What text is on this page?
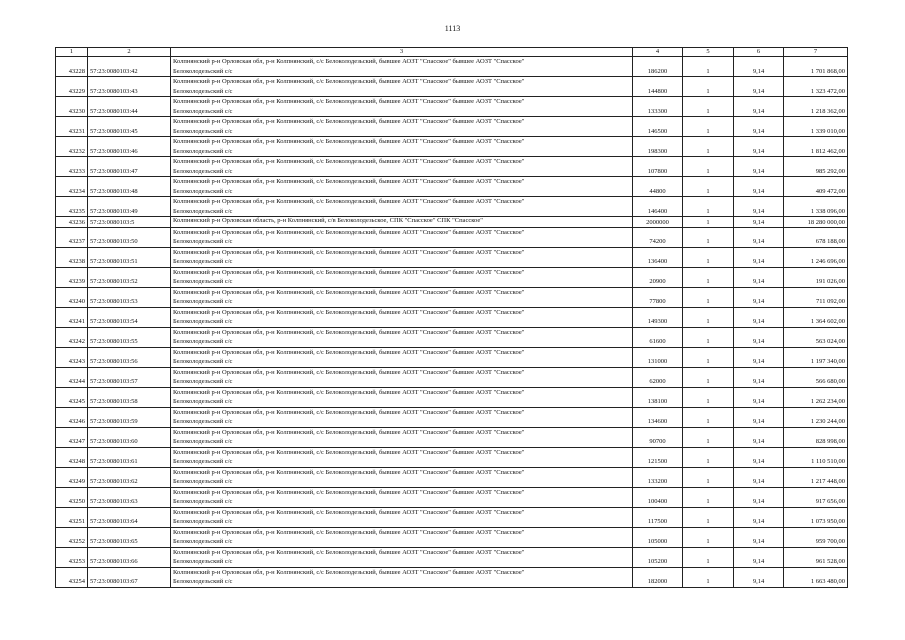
1113
1	2	3	4	5	6	7
43228	57:23:0080103:42	Колпнянский р-н Орловская обл, р-н Колпнянский, с/с Белоколодезьский, бывшее АОЗТ "Спасское" бывшее АОЗТ "Спасское"
Белоколодезьский с/с	186200	1	9,14	1 701 868,00
43229	57:23:0080103:43	Колпнянский р-н Орловская обл, р-н Колпнянский, с/с Белоколодезьский, бывшее АОЗТ "Спасское" бывшее АОЗТ "Спасское"
Белоколодезьский с/с	144800	1	9,14	1 323 472,00
43230	57:23:0080103:44	Колпнянский р-н Орловская обл, р-н Колпнянский, с/с Белоколодезьский, бывшее АОЗТ "Спасское" бывшее АОЗТ "Спасское"
Белоколодезьский с/с	133300	1	9,14	1 218 362,00
43231	57:23:0080103:45	Колпнянский р-н Орловская обл, р-н Колпнянский, с/с Белоколодезьский, бывшее АОЗТ "Спасское" бывшее АОЗТ "Спасское"
Белоколодезьский с/с	146500	1	9,14	1 339 010,00
43232	57:23:0080103:46	Колпнянский р-н Орловская обл, р-н Колпнянский, с/с Белоколодезьский, бывшее АОЗТ "Спасское" бывшее АОЗТ "Спасское"
Белоколодезьский с/с	198300	1	9,14	1 812 462,00
43233	57:23:0080103:47	Колпнянский р-н Орловская обл, р-н Колпнянский, с/с Белоколодезьский, бывшее АОЗТ "Спасское" бывшее АОЗТ "Спасское"
Белоколодезьский с/с	107800	1	9,14	985 292,00
43234	57:23:0080103:48	Колпнянский р-н Орловская обл, р-н Колпнянский, с/с Белоколодезьский, бывшее АОЗТ "Спасское" бывшее АОЗТ "Спасское"
Белоколодезьский с/с	44800	1	9,14	409 472,00
43235	57:23:0080103:49	Колпнянский р-н Орловская обл, р-н Колпнянский, с/с Белоколодезьский, бывшее АОЗТ "Спасское" бывшее АОЗТ "Спасское"
Белоколодезьский с/с	146400	1	9,14	1 338 096,00
43236	57:23:0080103:5	Колпнянский р-н Орловская область, р-н Колпнянский, с/в Белоколодезьское, СПК "Спасское" СПК "Спасское"	2000000	1	9,14	18 280 000,00
43237	57:23:0080103:50	Колпнянский р-н Орловская обл, р-н Колпнянский, с/с Белоколодезьский, бывшее АОЗТ "Спасское" бывшее АОЗТ "Спасское"
Белоколодезьский с/с	74200	1	9,14	678 188,00
43238	57:23:0080103:51	Колпнянский р-н Орловская обл, р-н Колпнянский, с/с Белоколодезьский, бывшее АОЗТ "Спасское" бывшее АОЗТ "Спасское"
Белоколодезьский с/с	136400	1	9,14	1 246 696,00
43239	57:23:0080103:52	Колпнянский р-н Орловская обл, р-н Колпнянский, с/с Белоколодезьский, бывшее АОЗТ "Спасское" бывшее АОЗТ "Спасское"
Белоколодезьский с/с	20900	1	9,14	191 026,00
43240	57:23:0080103:53	Колпнянский р-н Орловская обл, р-н Колпнянский, с/с Белоколодезьский, бывшее АОЗТ "Спасское" бывшее АОЗТ "Спасское"
Белоколодезьский с/с	77800	1	9,14	711 092,00
43241	57:23:0080103:54	Колпнянский р-н Орловская обл, р-н Колпнянский, с/с Белоколодезьский, бывшее АОЗТ "Спасское" бывшее АОЗТ "Спасское"
Белоколодезьский с/с	149300	1	9,14	1 364 602,00
43242	57:23:0080103:55	Колпнянский р-н Орловская обл, р-н Колпнянский, с/с Белоколодезьский, бывшее АОЗТ "Спасское" бывшее АОЗТ "Спасское"
Белоколодезьский с/с	61600	1	9,14	563 024,00
43243	57:23:0080103:56	Колпнянский р-н Орловская обл, р-н Колпнянский, с/с Белоколодезьский, бывшее АОЗТ "Спасское" бывшее АОЗТ "Спасское"
Белоколодезьский с/с	131000	1	9,14	1 197 340,00
43244	57:23:0080103:57	Колпнянский р-н Орловская обл, р-н Колпнянский, с/с Белоколодезьский, бывшее АОЗТ "Спасское" бывшее АОЗТ "Спасское"
Белоколодезьский с/с	62000	1	9,14	566 680,00
43245	57:23:0080103:58	Колпнянский р-н Орловская обл, р-н Колпнянский, с/с Белоколодезьский, бывшее АОЗТ "Спасское" бывшее АОЗТ "Спасское"
Белоколодезьский с/с	138100	1	9,14	1 262 234,00
43246	57:23:0080103:59	Колпнянский р-н Орловская обл, р-н Колпнянский, с/с Белоколодезьский, бывшее АОЗТ "Спасское" бывшее АОЗТ "Спасское"
Белоколодезьский с/с	134600	1	9,14	1 230 244,00
43247	57:23:0080103:60	Колпнянский р-н Орловская обл, р-н Колпнянский, с/с Белоколодезьский, бывшее АОЗТ "Спасское" бывшее АОЗТ "Спасское"
Белоколодезьский с/с	90700	1	9,14	828 998,00
43248	57:23:0080103:61	Колпнянский р-н Орловская обл, р-н Колпнянский, с/с Белоколодезьский, бывшее АОЗТ "Спасское" бывшее АОЗТ "Спасское"
Белоколодезьский с/с	121500	1	9,14	1 110 510,00
43249	57:23:0080103:62	Колпнянский р-н Орловская обл, р-н Колпнянский, с/с Белоколодезьский, бывшее АОЗТ "Спасское" бывшее АОЗТ "Спасское"
Белоколодезьский с/с	133200	1	9,14	1 217 448,00
43250	57:23:0080103:63	Колпнянский р-н Орловская обл, р-н Колпнянский, с/с Белоколодезьский, бывшее АОЗТ "Спасское" бывшее АОЗТ "Спасское"
Белоколодезьский с/с	100400	1	9,14	917 656,00
43251	57:23:0080103:64	Колпнянский р-н Орловская обл, р-н Колпнянский, с/с Белоколодезьский, бывшее АОЗТ "Спасское" бывшее АОЗТ "Спасское"
Белоколодезьский с/с	117500	1	9,14	1 073 950,00
43252	57:23:0080103:65	Колпнянский р-н Орловская обл, р-н Колпнянский, с/с Белоколодезьский, бывшее АОЗТ "Спасское" бывшее АОЗТ "Спасское"
Белоколодезьский с/с	105000	1	9,14	959 700,00
43253	57:23:0080103:66	Колпнянский р-н Орловская обл, р-н Колпнянский, с/с Белоколодезьский, бывшее АОЗТ "Спасское" бывшее АОЗТ "Спасское"
Белоколодезьский с/с	105200	1	9,14	961 528,00
43254	57:23:0080103:67	Колпнянский р-н Орловская обл, р-н Колпнянский, с/с Белоколодезьский, бывшее АОЗТ "Спасское" бывшее АОЗТ "Спасское"
Белоколодезьский с/с	182000	1	9,14	1 663 480,00
